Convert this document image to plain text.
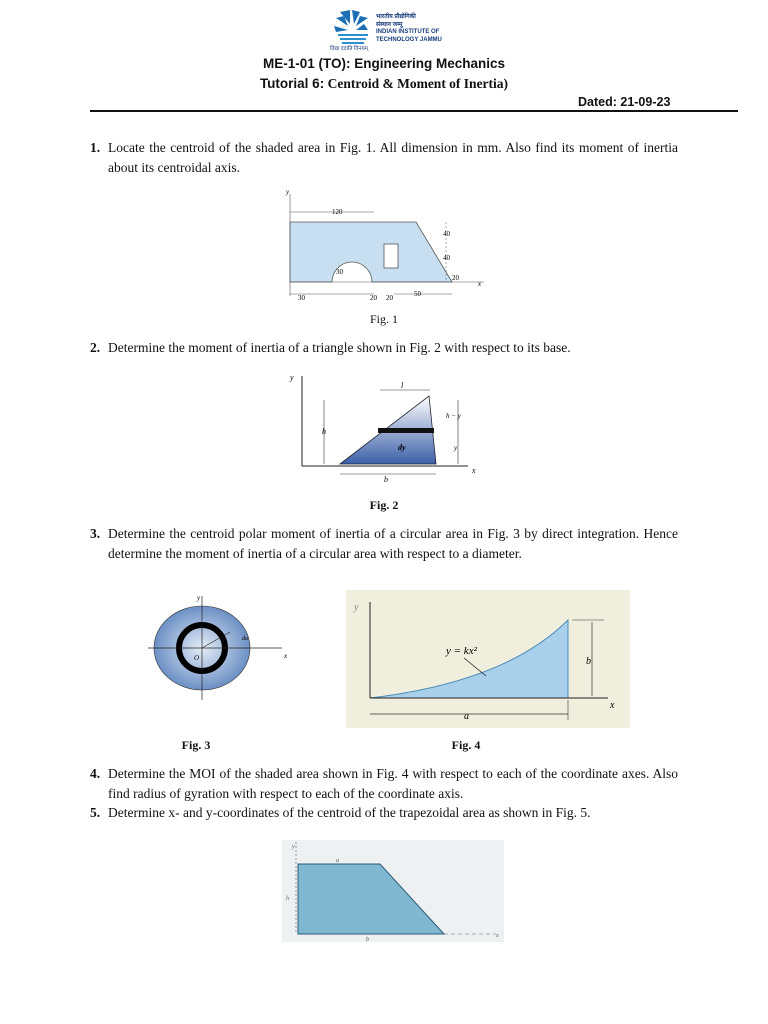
भारतीय प्रौद्योगिकी
संस्थान जम्मू
INDIAN INSTITUTE OF
TECHNOLOGY JAMMU
विद्या ददाति विनयम्
ME-1-01 (TO): Engineering Mechanics
Tutorial 6: Centroid & Moment of Inertia)
Dated: 21-09-23
1. Locate the centroid of the shaded area in Fig. 1. All dimension in mm. Also find its moment of inertia about its centroidal axis.
y
x
120
40
40
20
30
30	20 20	50
Fig. 1
2. Determine the moment of inertia of a triangle shown in Fig. 2 with respect to its base.
y
x
l
h
h − y
dy	y
b
Fig. 2
3. Determine the centroid polar moment of inertia of a circular area in Fig. 3 by direct integration. Hence determine the moment of inertia of a circular area with respect to a diameter.
y
x
O
du
Fig. 3
y
x
y = kx²
a
b
Fig. 4
4. Determine the MOI of the shaded area shown in Fig. 4 with respect to each of the coordinate axes. Also find radius of gyration with respect to each of the coordinate axis.
5. Determine x- and y-coordinates of the centroid of the trapezoidal area as shown in Fig. 5.
y
a
h
b
x
